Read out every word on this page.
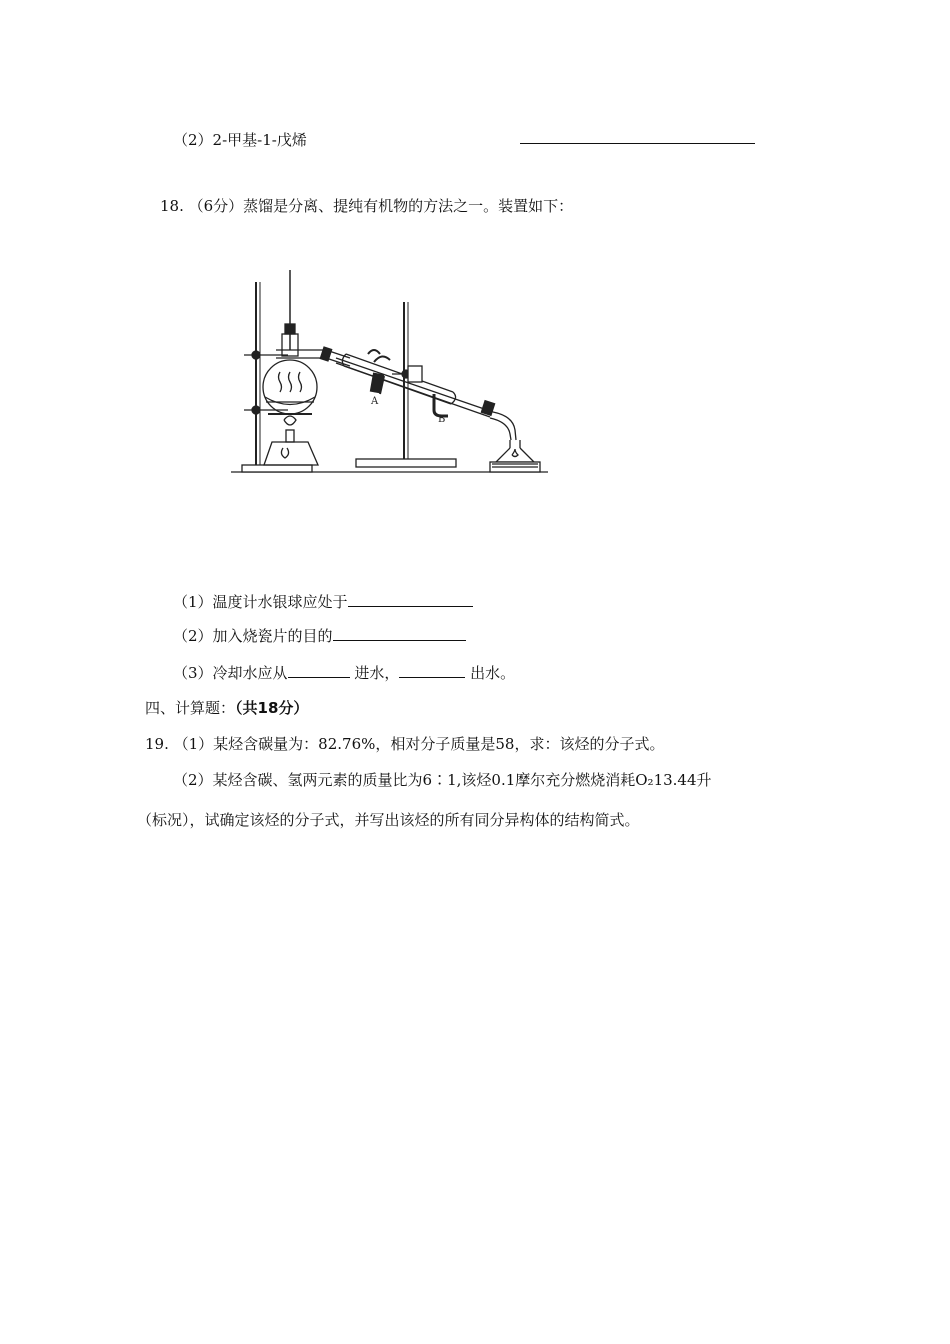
（2）2-甲基-1-戊烯
18. （6分）蒸馏是分离、提纯有机物的方法之一。装置如下：
A
B
（1）温度计水银球应处于
（2）加入烧瓷片的目的
（3）冷却水应从	进水，	出水。
四、计算题：（共18分）
19. （1）某烃含碳量为：82.76%，相对分子质量是58，求：该烃的分子式。
（2）某烃含碳、氢两元素的质量比为6∶1,该烃0.1摩尔充分燃烧消耗O₂13.44升
（标况），试确定该烃的分子式，并写出该烃的所有同分异构体的结构简式。
